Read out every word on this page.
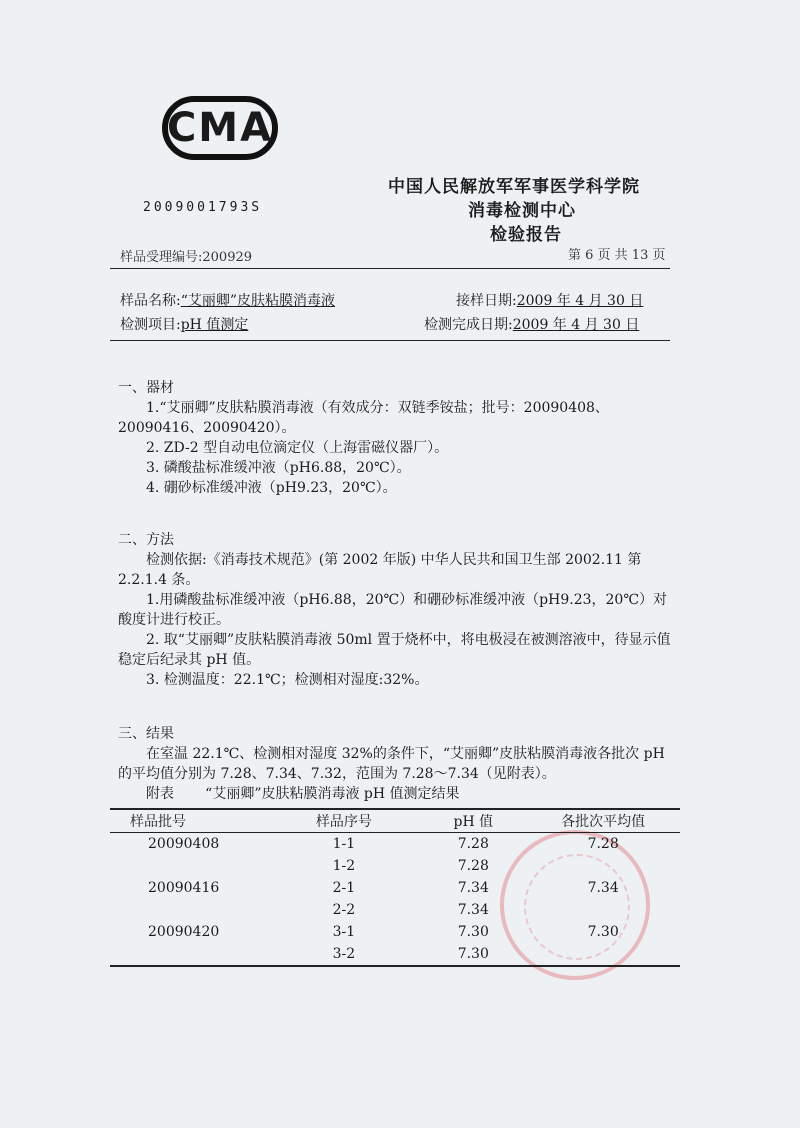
CMA
2009001793S
中国人民解放军军事医学科学院
消毒检测中心
检验报告
样品受理编号:200929	第 6 页 共 13 页
样品名称:“艾丽卿”皮肤粘膜消毒液	接样日期:2009 年 4 月 30 日
检测项目:pH 值测定	检测完成日期:2009 年 4 月 30 日

一、器材

1.“艾丽卿”皮肤粘膜消毒液（有效成分：双链季铵盐；批号：20090408、20090416、20090420）。

2. ZD-2 型自动电位滴定仪（上海雷磁仪器厂）。

3. 磷酸盐标准缓冲液（pH6.88，20℃）。

4. 硼砂标准缓冲液（pH9.23，20℃）。

二、方法

检测依据:《消毒技术规范》(第 2002 年版) 中华人民共和国卫生部 2002.11 第 2.2.1.4 条。

1.用磷酸盐标准缓冲液（pH6.88，20℃）和硼砂标准缓冲液（pH9.23，20℃）对酸度计进行校正。

2. 取“艾丽卿”皮肤粘膜消毒液 50ml 置于烧杯中，将电极浸在被测溶液中，待显示值稳定后纪录其 pH 值。

3. 检测温度：22.1℃；检测相对湿度:32%。

三、结果

在室温 22.1℃、检测相对湿度 32%的条件下，“艾丽卿”皮肤粘膜消毒液各批次 pH 的平均值分别为 7.28、7.34、7.32，范围为 7.28～7.34（见附表）。

附表 “艾丽卿”皮肤粘膜消毒液 pH 值测定结果

样品批号	样品序号	pH 值	各批次平均值
20090408	1-1	7.28	7.28
	1-2	7.28	
20090416	2-1	7.34	7.34
	2-2	7.34	
20090420	3-1	7.30	7.30
	3-2	7.30	
